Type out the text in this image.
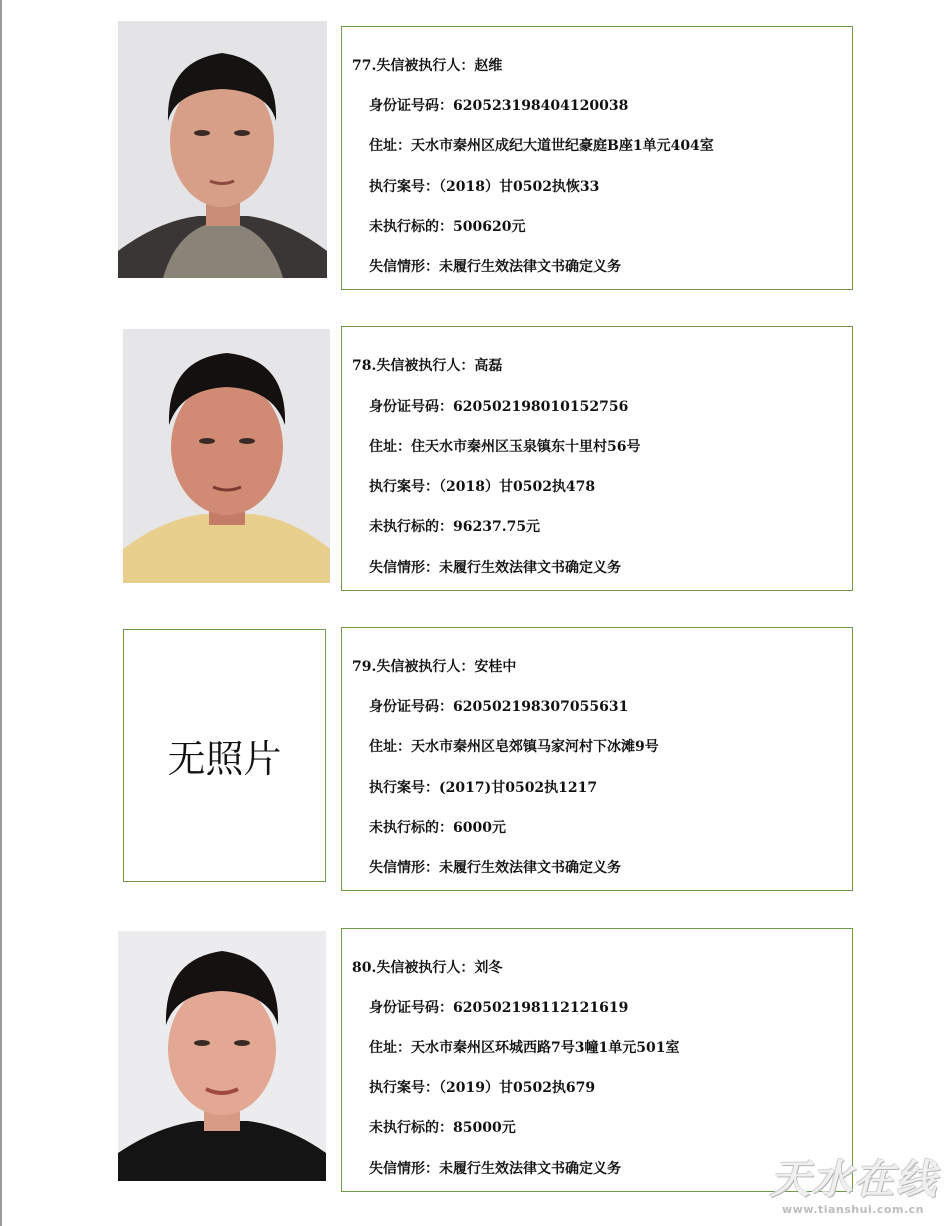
77.失信被执行人：赵维
身份证号码：620523198404120038
住址：天水市秦州区成纪大道世纪豪庭B座1单元404室
执行案号：（2018）甘0502执恢33
未执行标的：500620元
失信情形：未履行生效法律文书确定义务
78.失信被执行人：高磊
身份证号码：620502198010152756
住址：住天水市秦州区玉泉镇东十里村56号
执行案号：（2018）甘0502执478
未执行标的：96237.75元
失信情形：未履行生效法律文书确定义务
无照片
79.失信被执行人：安桂中
身份证号码：620502198307055631
住址：天水市秦州区皂郊镇马家河村下冰滩9号
执行案号：(2017)甘0502执1217
未执行标的：6000元
失信情形：未履行生效法律文书确定义务
80.失信被执行人：刘冬
身份证号码：620502198112121619
住址：天水市秦州区环城西路7号3幢1单元501室
执行案号：（2019）甘0502执679
未执行标的：85000元
失信情形：未履行生效法律文书确定义务	天水在线
www.tianshui.com.cn
